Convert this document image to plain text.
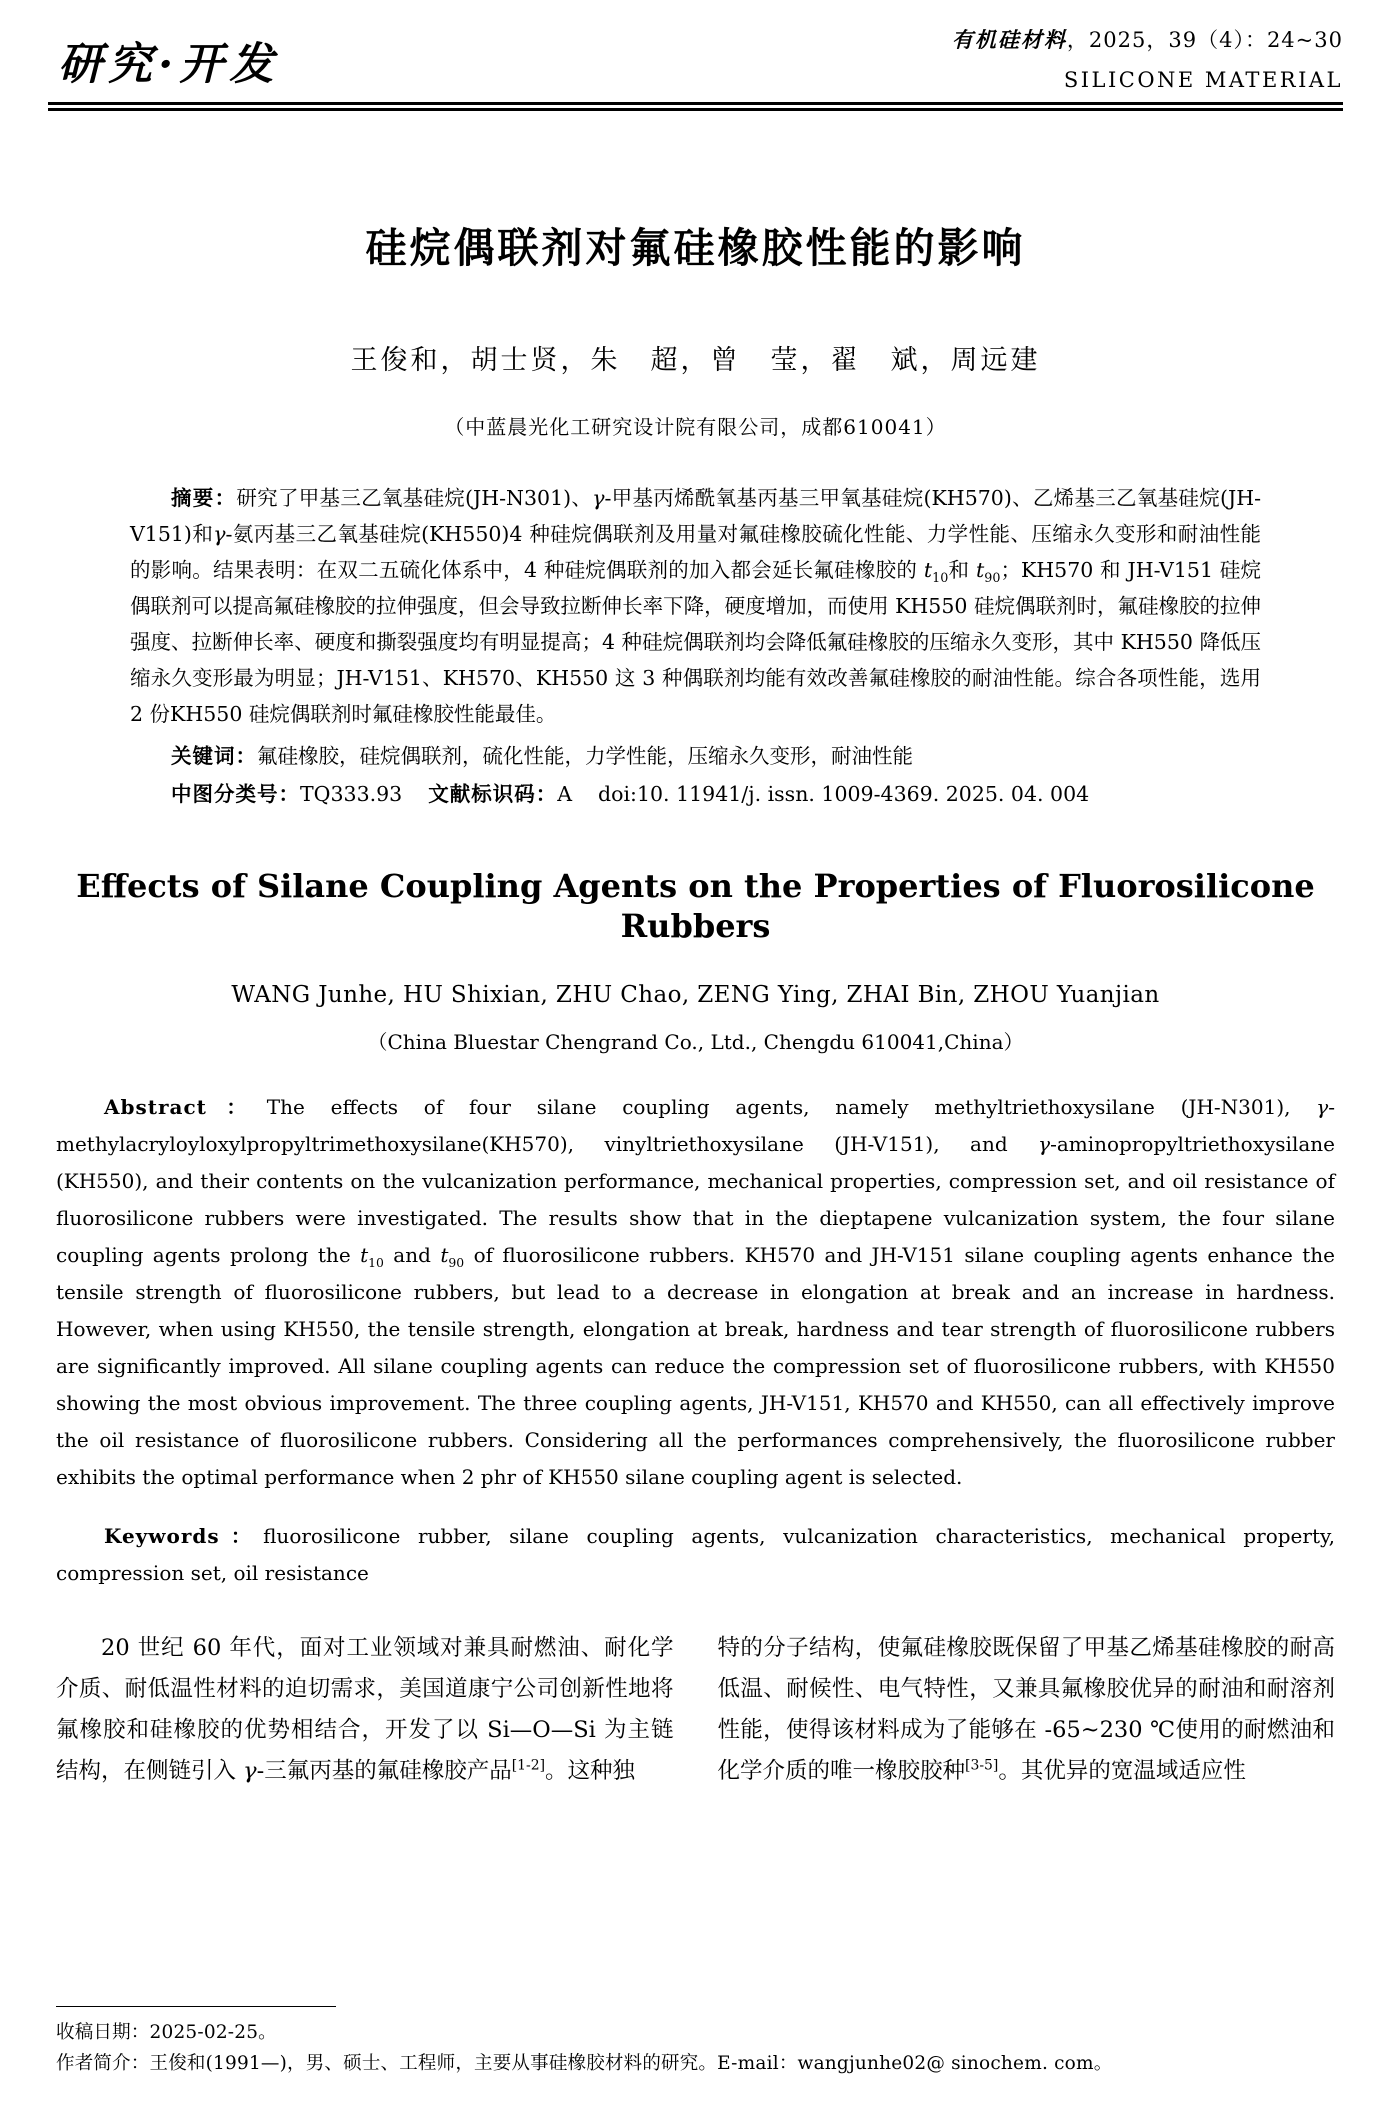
研究·开发	有机硅材料，2025，39（4）：24~30
SILICONE MATERIAL
硅烷偶联剂对氟硅橡胶性能的影响
王俊和，胡士贤，朱　超，曾　莹，翟　斌，周远建
（中蓝晨光化工研究设计院有限公司，成都610041）

摘要：研究了甲基三乙氧基硅烷(JH-N301)、γ-甲基丙烯酰氧基丙基三甲氧基硅烷(KH570)、乙烯基三乙氧基硅烷(JH-V151)和γ-氨丙基三乙氧基硅烷(KH550)4 种硅烷偶联剂及用量对氟硅橡胶硫化性能、力学性能、压缩永久变形和耐油性能的影响。结果表明：在双二五硫化体系中，4 种硅烷偶联剂的加入都会延长氟硅橡胶的 $t_{10}$和 $t_{90}$；KH570 和 JH-V151 硅烷偶联剂可以提高氟硅橡胶的拉伸强度，但会导致拉断伸长率下降，硬度增加，而使用 KH550 硅烷偶联剂时，氟硅橡胶的拉伸强度、拉断伸长率、硬度和撕裂强度均有明显提高；4 种硅烷偶联剂均会降低氟硅橡胶的压缩永久变形，其中 KH550 降低压缩永久变形最为明显；JH-V151、KH570、KH550 这 3 种偶联剂均能有效改善氟硅橡胶的耐油性能。综合各项性能，选用 2 份KH550 硅烷偶联剂时氟硅橡胶性能最佳。

关键词：氟硅橡胶，硅烷偶联剂，硫化性能，力学性能，压缩永久变形，耐油性能
中图分类号：TQ333.93 文献标识码：A doi:10. 11941/j. issn. 1009-4369. 2025. 04. 004
Effects of Silane Coupling Agents on the Properties of Fluorosilicone Rubbers
WANG Junhe, HU Shixian, ZHU Chao, ZENG Ying, ZHAI Bin, ZHOU Yuanjian
（China Bluestar Chengrand Co., Ltd., Chengdu 610041,China）

Abstract：The effects of four silane coupling agents, namely methyltriethoxysilane (JH-N301), γ-methylacryloyloxylpropyltrimethoxysilane(KH570), vinyltriethoxysilane (JH-V151), and γ-aminopropyltriethoxysilane (KH550), and their contents on the vulcanization performance, mechanical properties, compression set, and oil resistance of fluorosilicone rubbers were investigated. The results show that in the dieptapene vulcanization system, the four silane coupling agents prolong the $t_{10}$ and $t_{90}$ of fluorosilicone rubbers. KH570 and JH-V151 silane coupling agents enhance the tensile strength of fluorosilicone rubbers, but lead to a decrease in elongation at break and an increase in hardness. However, when using KH550, the tensile strength, elongation at break, hardness and tear strength of fluorosilicone rubbers are significantly improved. All silane coupling agents can reduce the compression set of fluorosilicone rubbers, with KH550 showing the most obvious improvement. The three coupling agents, JH-V151, KH570 and KH550, can all effectively improve the oil resistance of fluorosilicone rubbers. Considering all the performances comprehensively, the fluorosilicone rubber exhibits the optimal performance when 2 phr of KH550 silane coupling agent is selected.

Keywords：fluorosilicone rubber, silane coupling agents, vulcanization characteristics, mechanical property, compression set, oil resistance

20 世纪 60 年代，面对工业领域对兼具耐燃油、耐化学介质、耐低温性材料的迫切需求，美国道康宁公司创新性地将氟橡胶和硅橡胶的优势相结合，开发了以 Si—O—Si 为主链结构，在侧链引入 γ-三氟丙基的氟硅橡胶产品[1-2]。这种独

特的分子结构，使氟硅橡胶既保留了甲基乙烯基硅橡胶的耐高低温、耐候性、电气特性，又兼具氟橡胶优异的耐油和耐溶剂性能，使得该材料成为了能够在 -65~230 ℃使用的耐燃油和化学介质的唯一橡胶胶种[3-5]。其优异的宽温域适应性

收稿日期：2025-02-25。
作者简介：王俊和(1991—)，男、硕士、工程师，主要从事硅橡胶材料的研究。E-mail：wangjunhe02@ sinochem. com。
